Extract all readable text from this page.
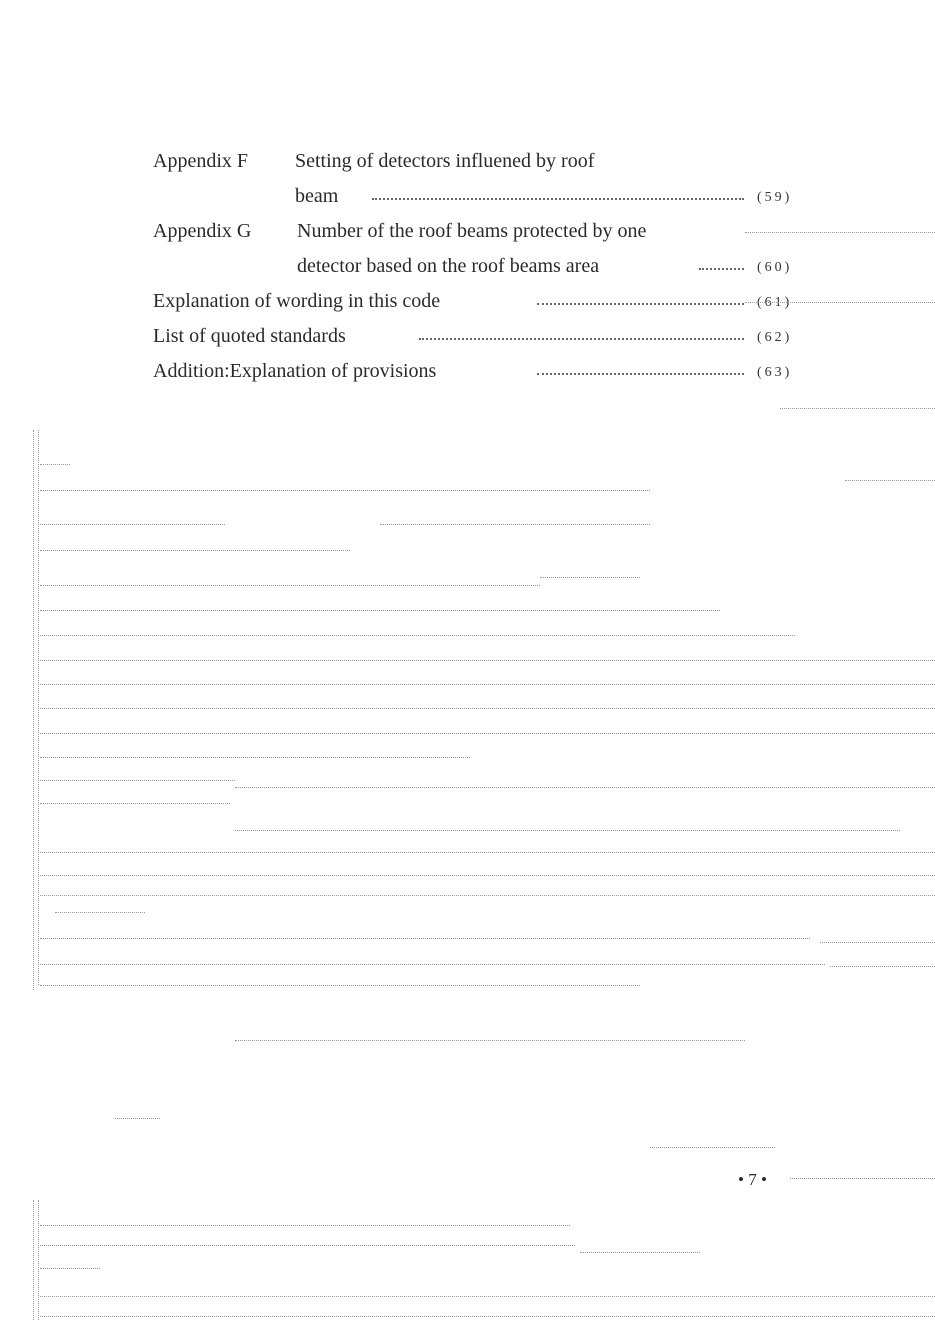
Appendix F Setting of detectors influened by roof
beam	(59)
Appendix G Number of the roof beams protected by one
detector based on the roof beams area	(60)
Explanation of wording in this code	(61)
List of quoted standards	(62)
Addition:Explanation of provisions	(63)
• 7 •
